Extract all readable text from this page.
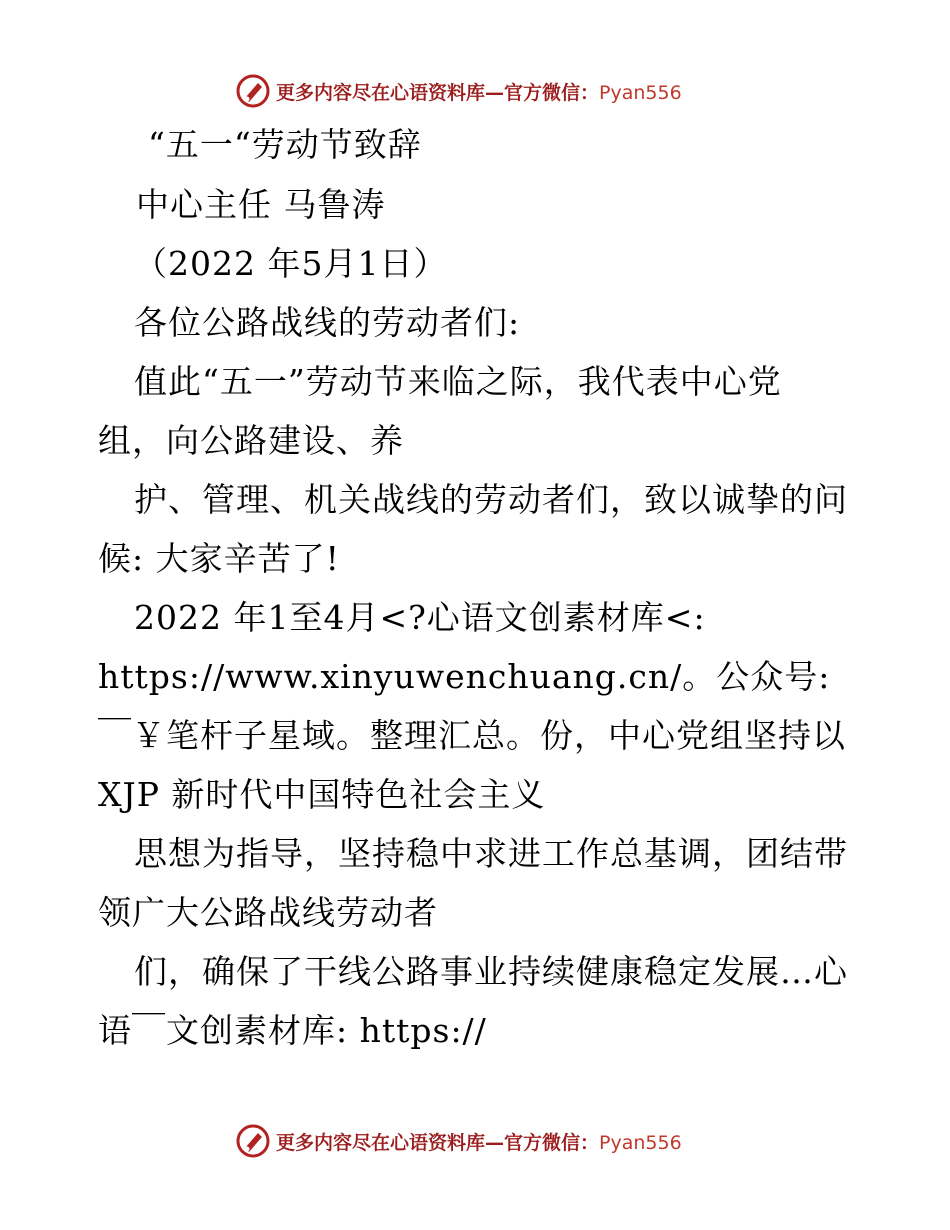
更多内容尽在心语资料库—官方微信：Pyan556
“五一“劳动节致辞
中心主任 马鲁涛
（2022 年5月1日）
各位公路战线的劳动者们:
值此“五一”劳动节来临之际，我代表中心党
组，向公路建设、养
护、管理、机关战线的劳动者们，致以诚挚的问
候: 大家辛苦了!
2022 年1至4月<?心语文创素材库<:
https://www.xinyuwenchuang.cn/。公众号:
￣￥笔杆子星域。整理汇总。份，中心党组坚持以
XJP 新时代中国特色社会主义
思想为指导，坚持稳中求进工作总基调，团结带
领广大公路战线劳动者
们，确保了干线公路事业持续健康稳定发展…心
语￣文创素材库: https://
更多内容尽在心语资料库—官方微信：Pyan556
